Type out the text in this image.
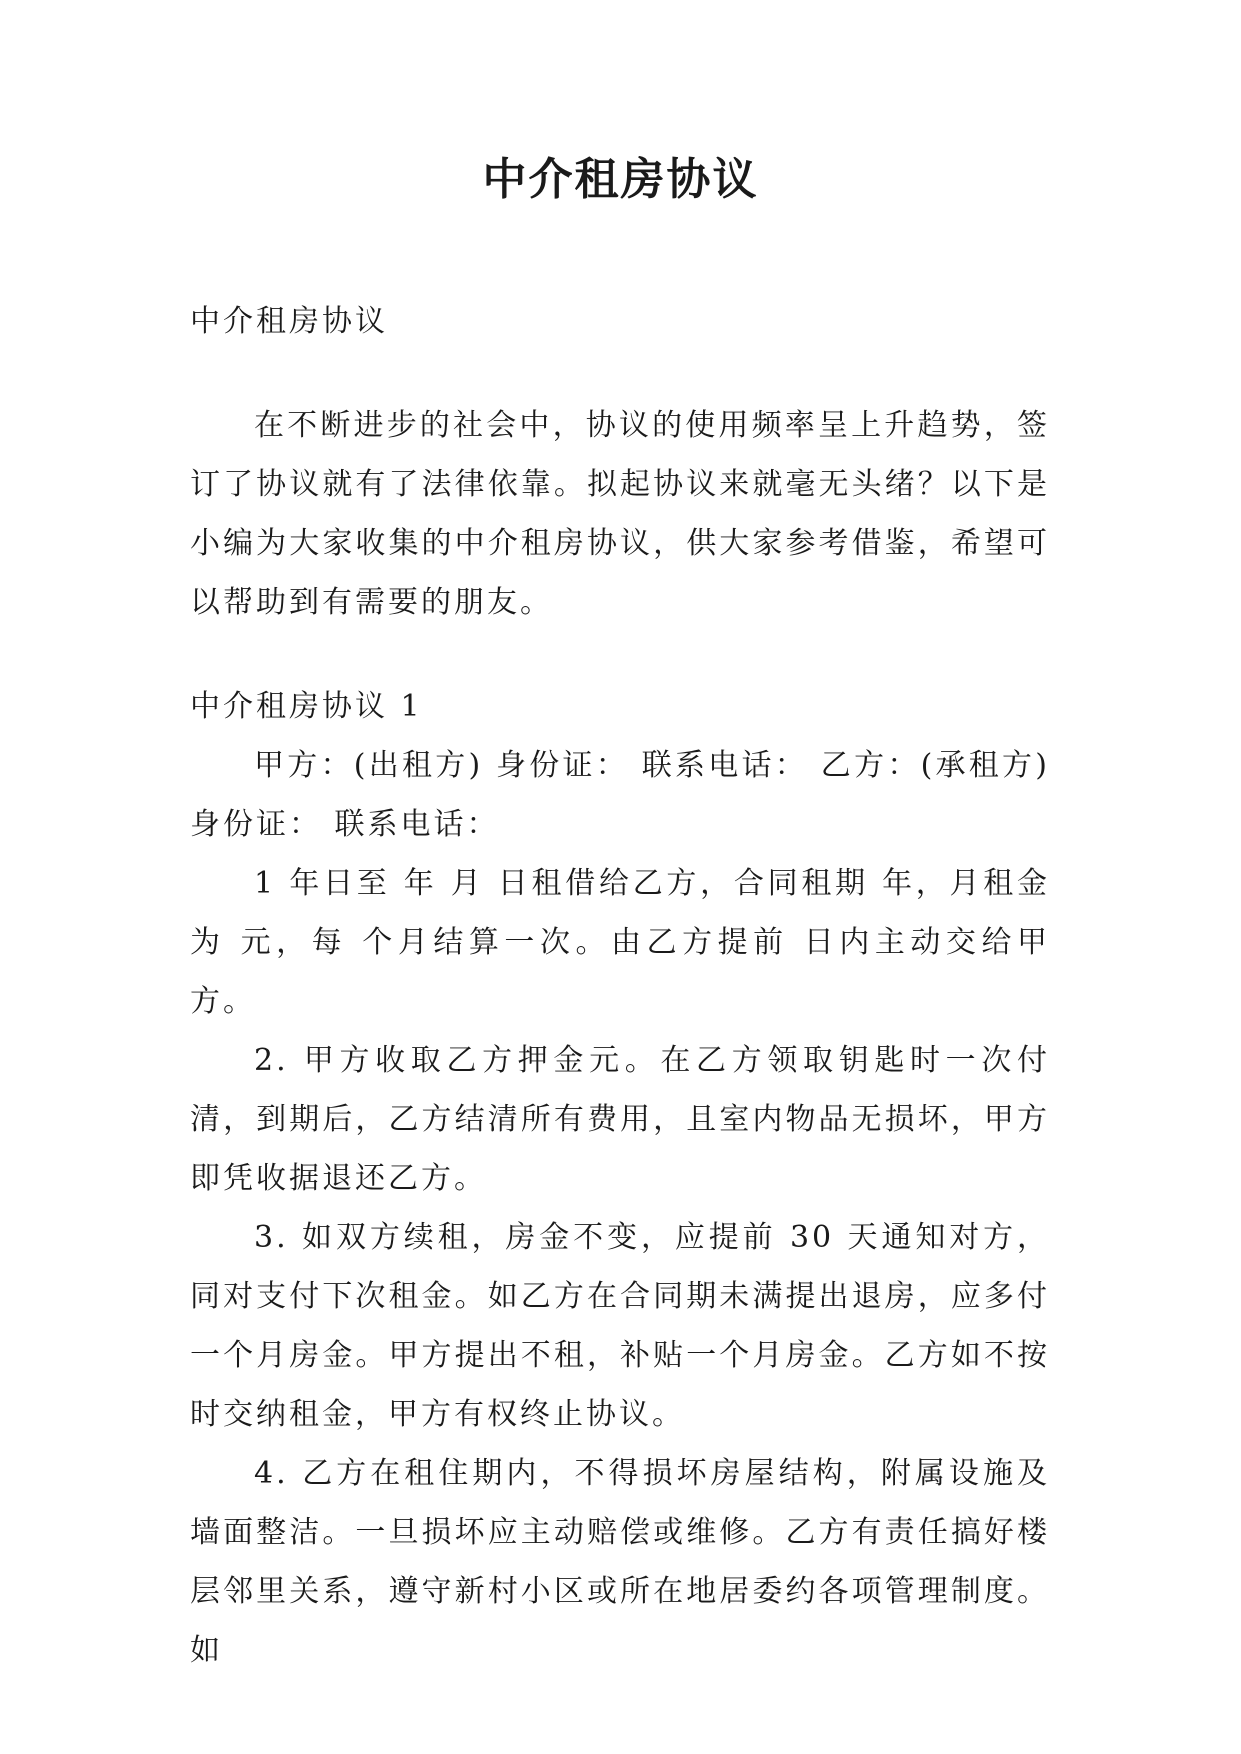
中介租房协议

中介租房协议

在不断进步的社会中，协议的使用频率呈上升趋势，签订了协议就有了法律依靠。拟起协议来就毫无头绪？以下是小编为大家收集的中介租房协议，供大家参考借鉴，希望可以帮助到有需要的朋友。

中介租房协议 1

甲方：(出租方) 身份证： 联系电话： 乙方：(承租方) 身份证： 联系电话：

1 年日至 年 月 日租借给乙方，合同租期 年，月租金为 元，每 个月结算一次。由乙方提前 日内主动交给甲方。

2. 甲方收取乙方押金元。在乙方领取钥匙时一次付清，到期后，乙方结清所有费用，且室内物品无损坏，甲方即凭收据退还乙方。

3. 如双方续租，房金不变，应提前 30 天通知对方，同对支付下次租金。如乙方在合同期未满提出退房，应多付一个月房金。甲方提出不租，补贴一个月房金。乙方如不按时交纳租金，甲方有权终止协议。

4. 乙方在租住期内，不得损坏房屋结构，附属设施及墙面整洁。一旦损坏应主动赔偿或维修。乙方有责任搞好楼层邻里关系，遵守新村小区或所在地居委约各项管理制度。如
